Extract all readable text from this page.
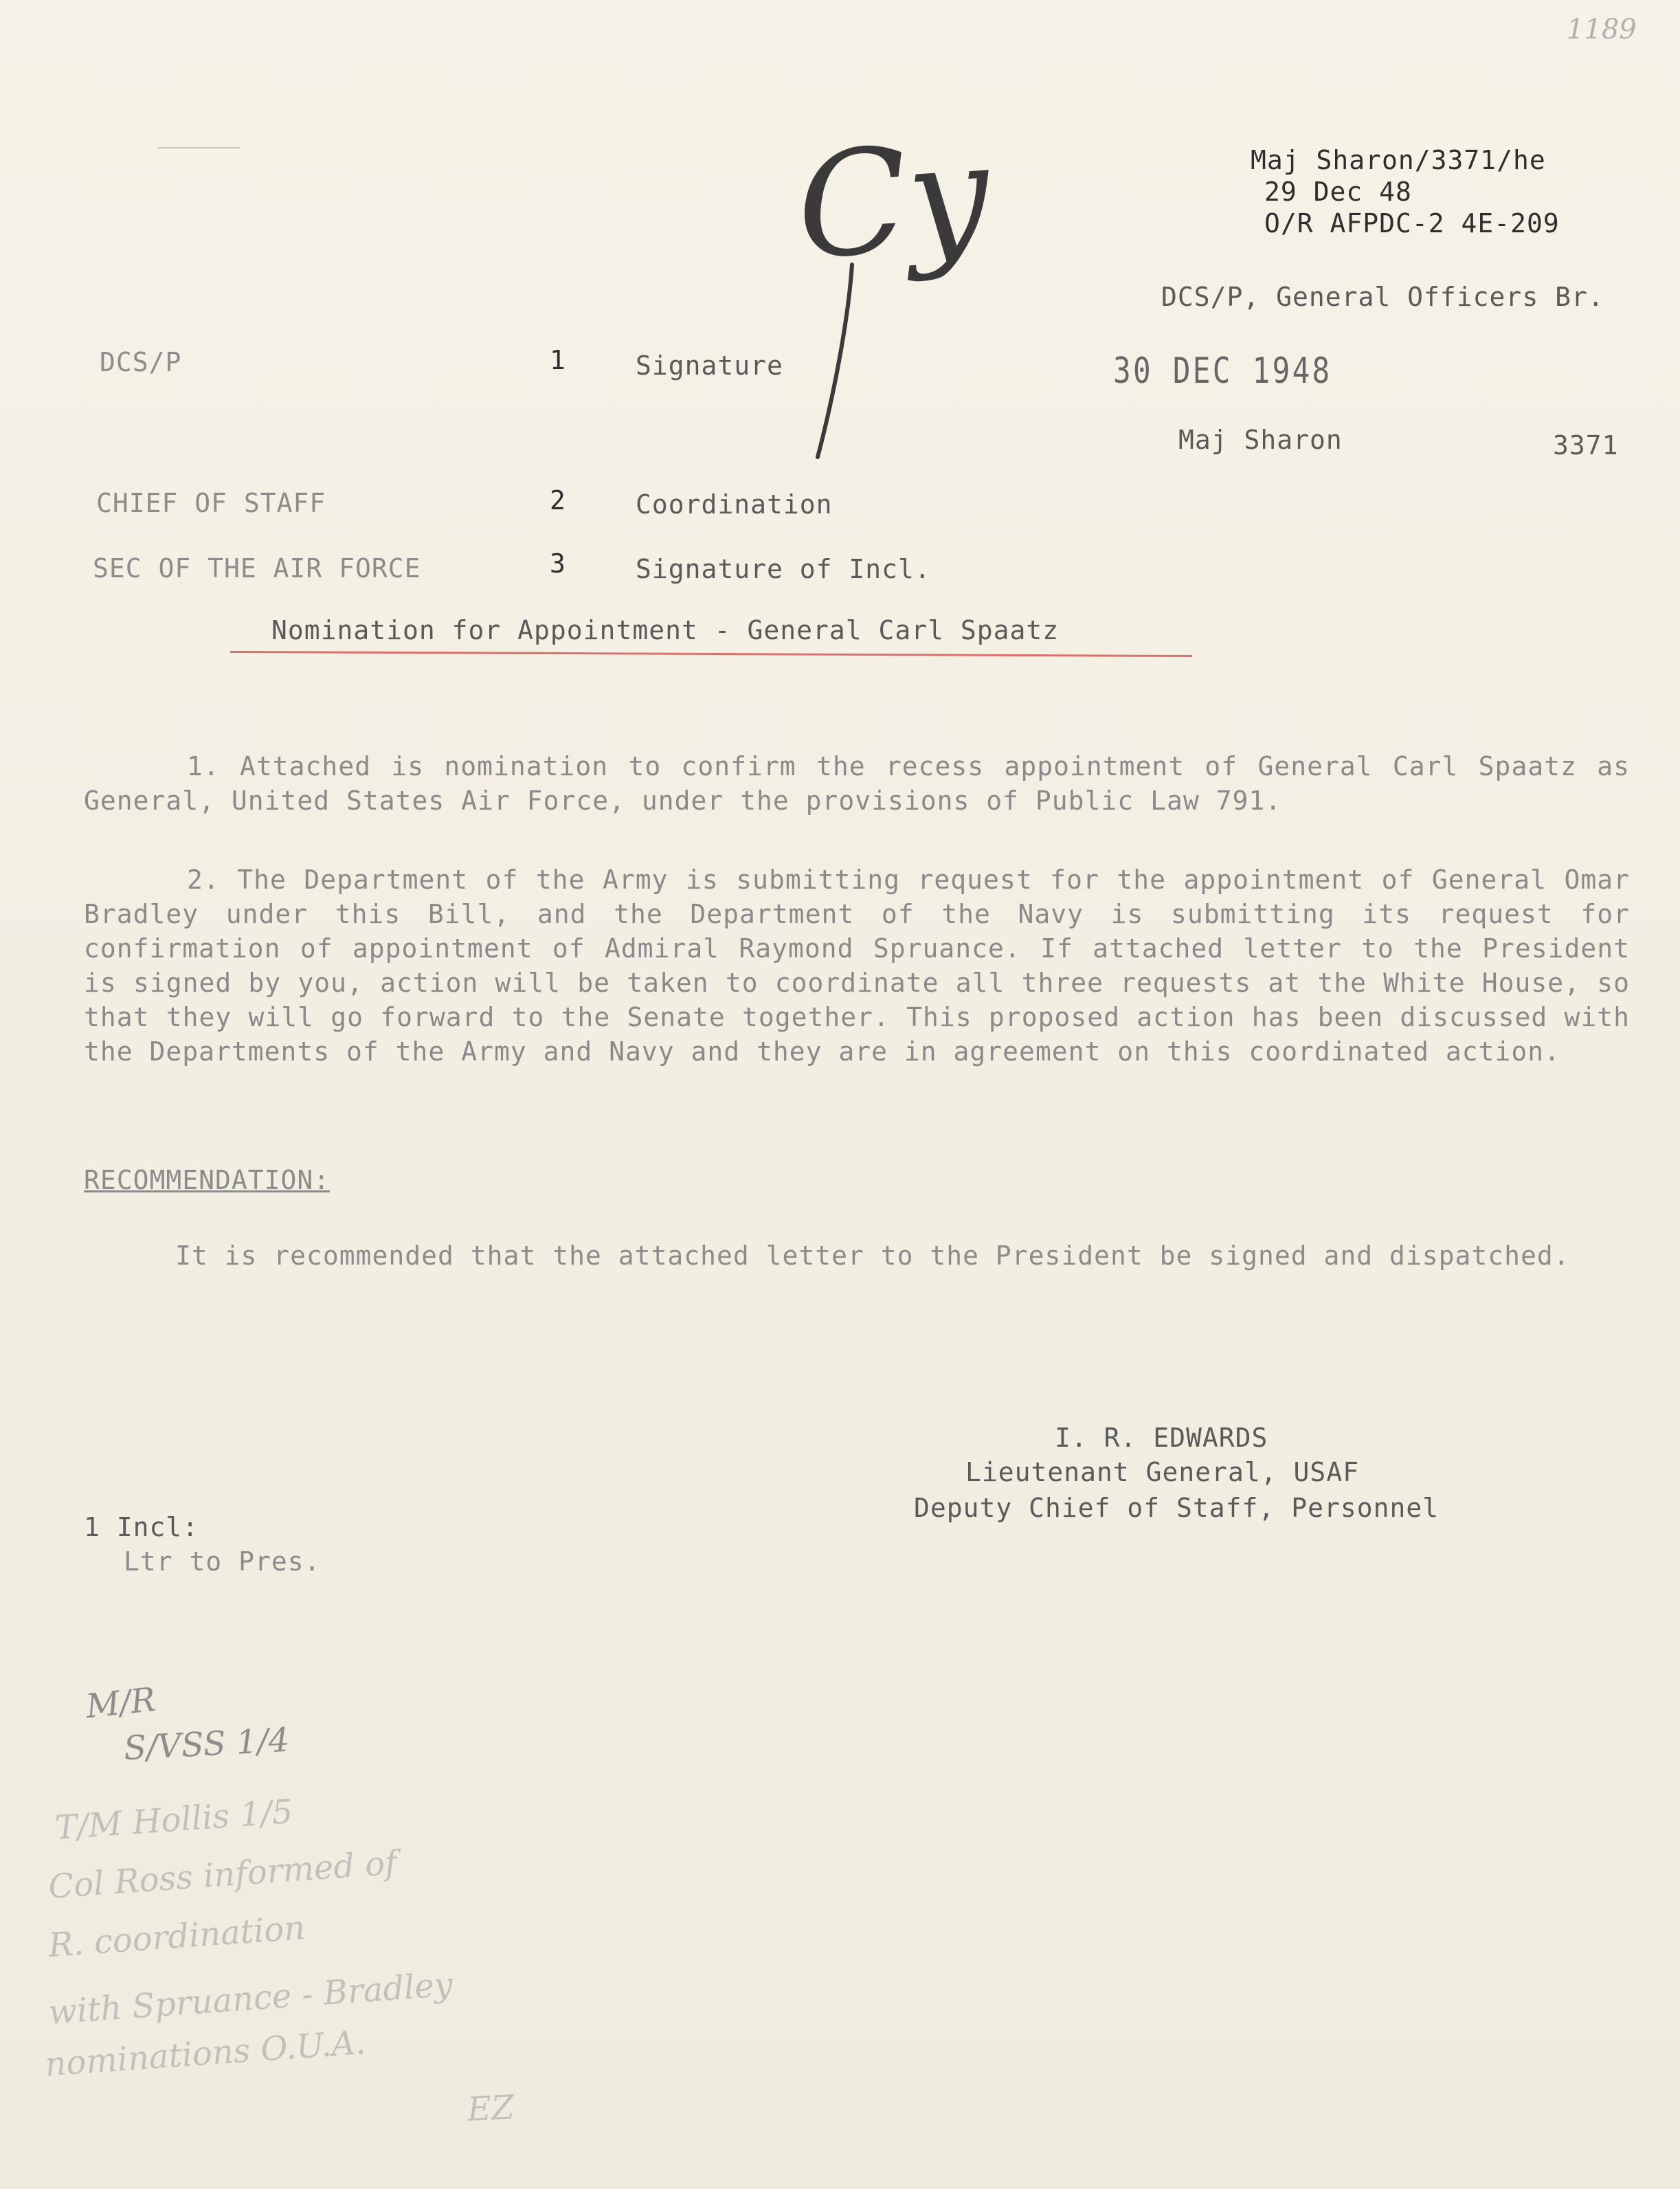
1189
Cy	Maj Sharon/3371/he
29 Dec 48
O/R AFPDC-2 4E-209
DCS/P, General Officers Br.
30 DEC 1948
Maj Sharon	3371
DCS/P	1	Signature
CHIEF OF STAFF	2	Coordination
SEC OF THE AIR FORCE	3	Signature of Incl.
Nomination for Appointment - General Carl Spaatz
1. Attached is nomination to confirm the recess appointment of General Carl Spaatz as General, United States Air Force, under the provisions of Public Law 791.
2. The Department of the Army is submitting request for the appointment of General Omar Bradley under this Bill, and the Department of the Navy is submitting its request for confirmation of appointment of Admiral Raymond Spruance. If attached letter to the President is signed by you, action will be taken to coordinate all three requests at the White House, so that they will go forward to the Senate together. This proposed action has been discussed with the Departments of the Army and Navy and they are in agreement on this coordinated action.
RECOMMENDATION:
It is recommended that the attached letter to the President be signed and dispatched.
I. R. EDWARDS
Lieutenant General, USAF
Deputy Chief of Staff, Personnel
1 Incl:
Ltr to Pres.
M/R
S/VSS 1/4
T/M Hollis 1/5
Col Ross informed of
R. coordination
with Spruance - Bradley
nominations O.U.A.
EZ
